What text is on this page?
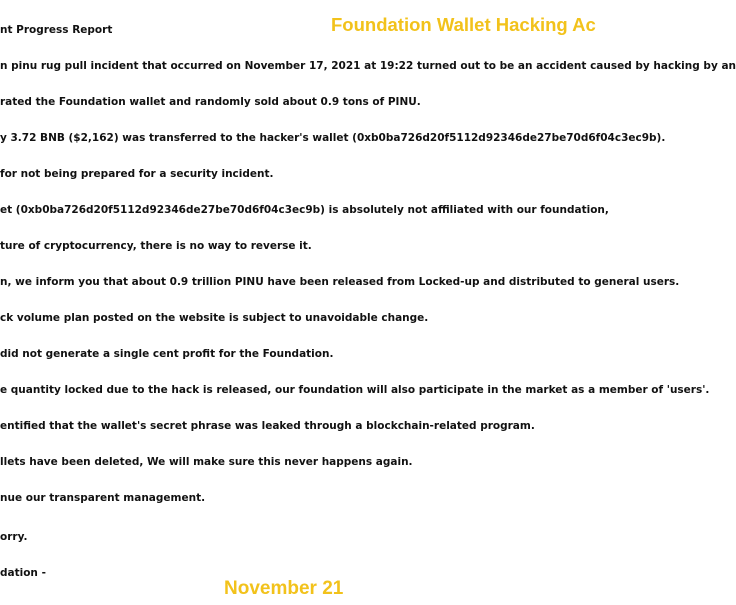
nt Progress Report	Foundation Wallet Hacking Ac
n pinu rug pull incident that occurred on November 17, 2021 at 19:22 turned out to be an accident caused by hacking by an
rated the Foundation wallet and randomly sold about 0.9 tons of PINU.
y 3.72 BNB ($2,162) was transferred to the hacker's wallet (0xb0ba726d20f5112d92346de27be70d6f04c3ec9b).
for not being prepared for a security incident.
et (0xb0ba726d20f5112d92346de27be70d6f04c3ec9b) is absolutely not affiliated with our foundation,
ture of cryptocurrency, there is no way to reverse it.
n, we inform you that about 0.9 trillion PINU have been released from Locked-up and distributed to general users.
ck volume plan posted on the website is subject to unavoidable change.
did not generate a single cent profit for the Foundation.
e quantity locked due to the hack is released, our foundation will also participate in the market as a member of 'users'.
entified that the wallet's secret phrase was leaked through a blockchain-related program.
llets have been deleted, We will make sure this never happens again.
nue our transparent management.
orry.
dation -
November 21
